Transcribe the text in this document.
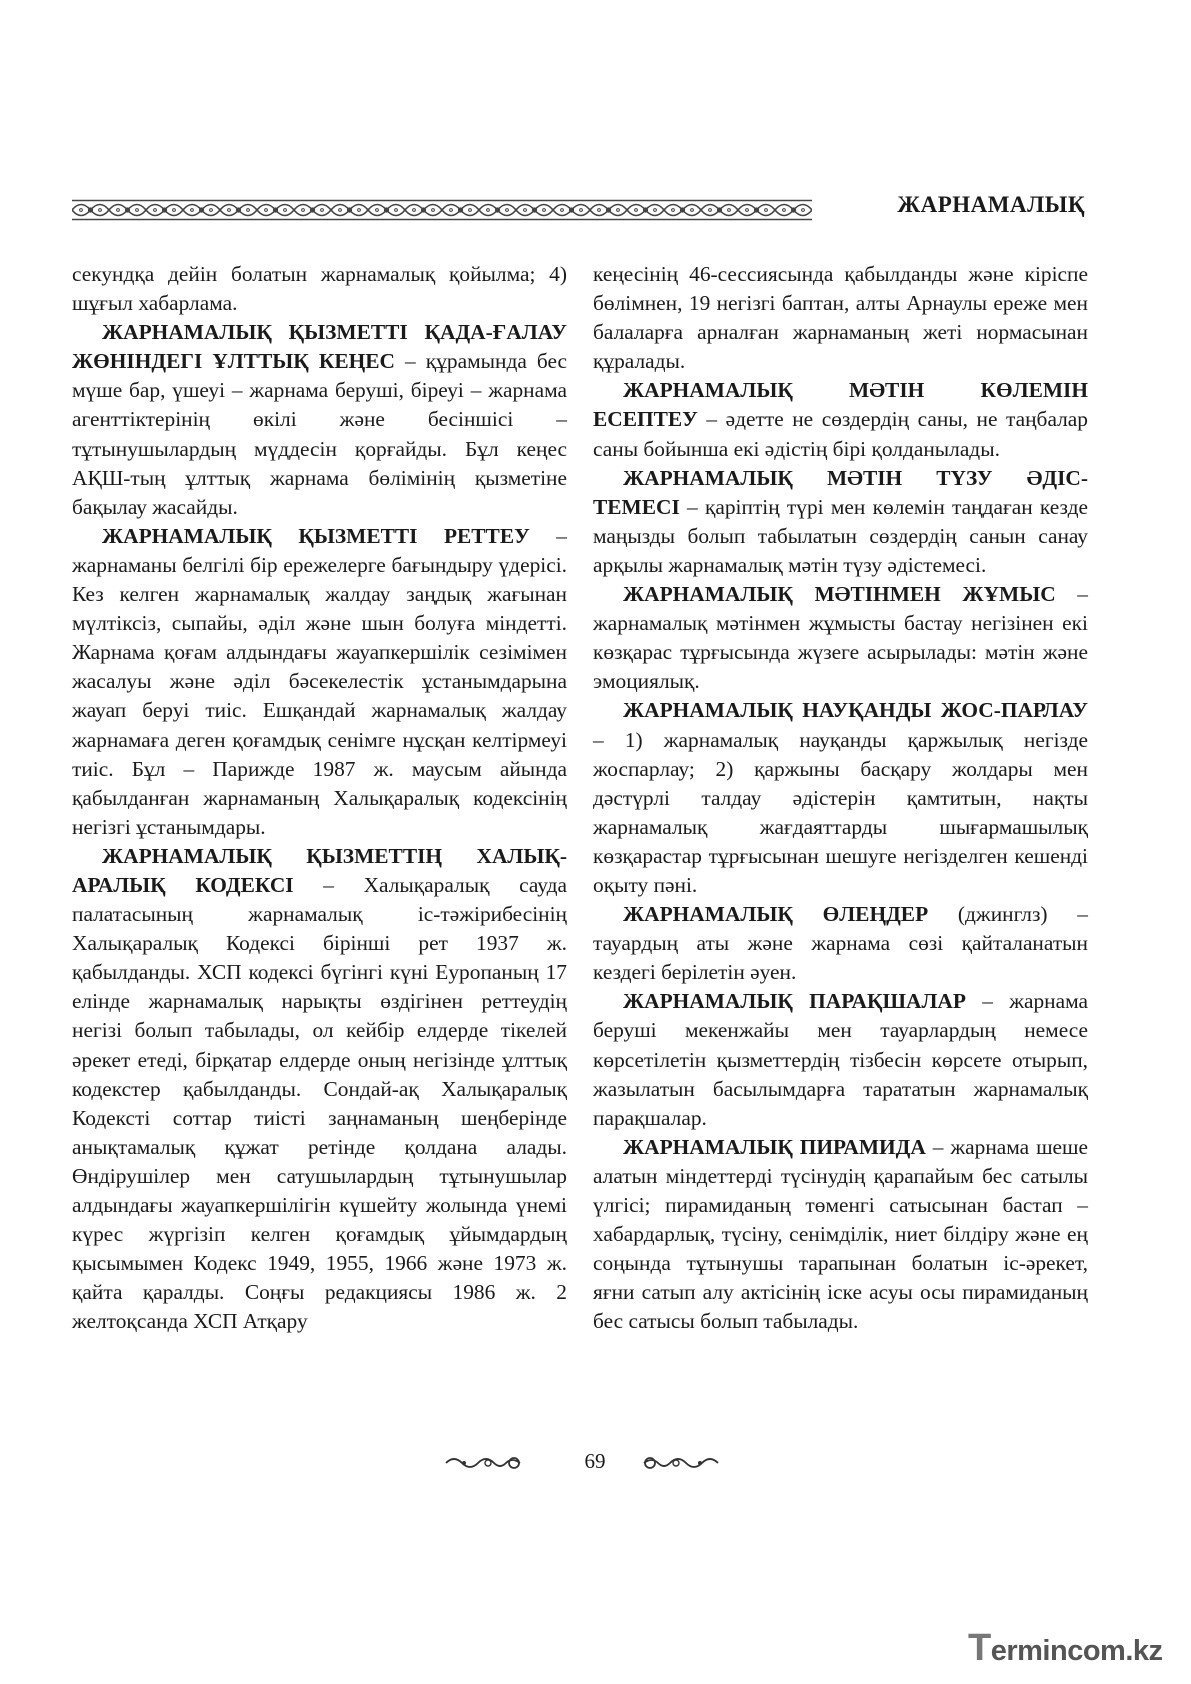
ЖАРНАМАЛЫҚ

секундқа дейін болатын жарнамалық қойылма; 4) шұғыл хабарлама.

ЖАРНАМАЛЫҚ ҚЫЗМЕТТІ ҚАДА-ҒАЛАУ ЖӨНІНДЕГІ ҰЛТТЫҚ КЕҢЕС – құрамында бес мүше бар, үшеуі – жарнама беруші, біреуі – жарнама агенттіктерінің өкілі және бесіншісі – тұтынушылардың мүддесін қорғайды. Бұл кеңес АҚШ-тың ұлттық жарнама бөлімінің қызметіне бақылау жасайды.

ЖАРНАМАЛЫҚ ҚЫЗМЕТТІ РЕТТЕУ – жарнаманы белгілі бір ережелерге бағындыру үдерісі. Кез келген жарнамалық жалдау заңдық жағынан мүлтіксіз, сыпайы, әділ және шын болуға міндетті. Жарнама қоғам алдындағы жауапкершілік сезімімен жасалуы және әділ бәсекелестік ұстанымдарына жауап беруі тиіс. Ешқандай жарнамалық жалдау жарнамаға деген қоғамдық сенімге нұсқан келтірмеуі тиіс. Бұл – Парижде 1987 ж. маусым айында қабылданған жарнаманың Халықаралық кодексінің негізгі ұстанымдары.

ЖАРНАМАЛЫҚ ҚЫЗМЕТТІҢ ХАЛЫҚ-АРАЛЫҚ КОДЕКСІ – Халықаралық сауда палатасының жарнамалық іс-тәжірибесінің Халықаралық Кодексі бірінші рет 1937 ж. қабылданды. ХСП кодексі бүгінгі күні Еуропаның 17 елінде жарнамалық нарықты өздігінен реттеудің негізі болып табылады, ол кейбір елдерде тікелей әрекет етеді, бірқатар елдерде оның негізінде ұлттық кодекстер қабылданды. Сондай-ақ Халықаралық Кодексті соттар тиісті заңнаманың шеңберінде анықтамалық құжат ретінде қолдана алады. Өндірушілер мен сатушылардың тұтынушылар алдындағы жауапкершілігін күшейту жолында үнемі күрес жүргізіп келген қоғамдық ұйымдардың қысымымен Кодекс 1949, 1955, 1966 және 1973 ж. қайта қаралды. Соңғы редакциясы 1986 ж. 2 желтоқсанда ХСП Атқару

кеңесінің 46-сессиясында қабылданды және кіріспе бөлімнен, 19 негізгі баптан, алты Арнаулы ереже мен балаларға арналған жарнаманың жеті нормасынан құралады.

ЖАРНАМАЛЫҚ МӘТІН КӨЛЕМІН ЕСЕПТЕУ – әдетте не сөздердің саны, не таңбалар саны бойынша екі әдістің бірі қолданылады.

ЖАРНАМАЛЫҚ МӘТІН ТҮЗУ ӘДІС-ТЕМЕСІ – қаріптің түрі мен көлемін таңдаған кезде маңызды болып табылатын сөздердің санын санау арқылы жарнамалық мәтін түзу әдістемесі.

ЖАРНАМАЛЫҚ МӘТІНМЕН ЖҰМЫС – жарнамалық мәтінмен жұмысты бастау негізінен екі көзқарас тұрғысында жүзеге асырылады: мәтін және эмоциялық.

ЖАРНАМАЛЫҚ НАУҚАНДЫ ЖОС-ПАРЛАУ – 1) жарнамалық науқанды қаржылық негізде жоспарлау; 2) қаржыны басқару жолдары мен дәстүрлі талдау әдістерін қамтитын, нақты жарнамалық жағдаяттарды шығармашылық көзқарастар тұрғысынан шешуге негізделген кешенді оқыту пәні.

ЖАРНАМАЛЫҚ ӨЛЕҢДЕР (джинглз) – тауардың аты және жарнама сөзі қайталанатын кездегі берілетін әуен.

ЖАРНАМАЛЫҚ ПАРАҚШАЛАР – жарнама беруші мекенжайы мен тауарлардың немесе көрсетілетін қызметтердің тізбесін көрсете отырып, жазылатын басылымдарға тарататын жарнамалық парақшалар.

ЖАРНАМАЛЫҚ ПИРАМИДА – жарнама шеше алатын міндеттерді түсінудің қарапайым бес сатылы үлгісі; пирамиданың төменгі сатысынан бастап – хабардарлық, түсіну, сенімділік, ниет білдіру және ең соңында тұтынушы тарапынан болатын іс-әрекет, яғни сатып алу актісінің іске асуы осы пирамиданың бес сатысы болып табылады.

69
Termincom.kz
